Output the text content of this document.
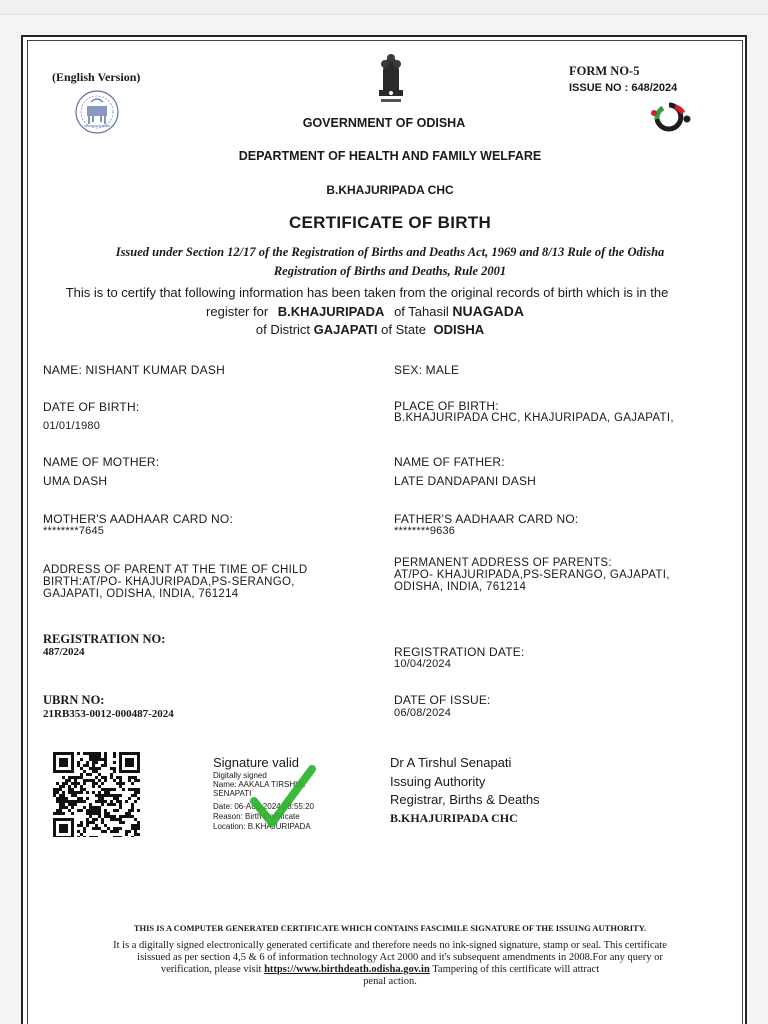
(English Version)	FORM NO-5
ISSUE NO : 648/2024
GOVERNMENT OF ODISHA
DEPARTMENT OF HEALTH AND FAMILY WELFARE
B.KHAJURIPADA CHC
CERTIFICATE OF BIRTH
Issued under Section 12/17 of the Registration of Births and Deaths Act, 1969 and 8/13 Rule of the Odisha
Registration of Births and Deaths, Rule 2001
This is to certify that following information has been taken from the original records of birth which is in the
register for B.KHAJURIPADA of Tahasil NUAGADA
of District GAJAPATI of State ODISHA
NAME: NISHANT KUMAR DASH
DATE OF BIRTH:
01/01/1980
NAME OF MOTHER:
UMA DASH
MOTHER'S AADHAAR CARD NO:
********7645
ADDRESS OF PARENT AT THE TIME OF CHILD
BIRTH:AT/PO- KHAJURIPADA,PS-SERANGO,
GAJAPATI, ODISHA, INDIA, 761214
REGISTRATION NO:
487/2024
UBRN NO:
21RB353-0012-000487-2024
SEX: MALE
PLACE OF BIRTH:
B.KHAJURIPADA CHC, KHAJURIPADA, GAJAPATI,
NAME OF FATHER:
LATE DANDAPANI DASH
FATHER'S AADHAAR CARD NO:
********9636
PERMANENT ADDRESS OF PARENTS:
AT/PO- KHAJURIPADA,PS-SERANGO, GAJAPATI,
ODISHA, INDIA, 761214
REGISTRATION DATE:
10/04/2024
DATE OF ISSUE:
06/08/2024
Signature valid
Digitally signed
Name: AAKALA TIRSHUL
SENAPATI
Date: 06-Aug-2024 18:55:20
Reason: Birth Certificate
Location: B.KHAJURIPADA
Dr A Tirshul Senapati
Issuing Authority
Registrar, Births & Deaths
B.KHAJURIPADA CHC
THIS IS A COMPUTER GENERATED CERTIFICATE WHICH CONTAINS FASCIMILE SIGNATURE OF THE ISSUING AUTHORITY.
It is a digitally signed electronically generated certificate and therefore needs no ink-signed signature, stamp or seal. This certificate
isissued as per section 4,5 & 6 of information technology Act 2000 and it's subsequent amendments in 2008.For any query or
verification, please visit https://www.birthdeath.odisha.gov.in Tampering of this certificate will attract
penal action.
